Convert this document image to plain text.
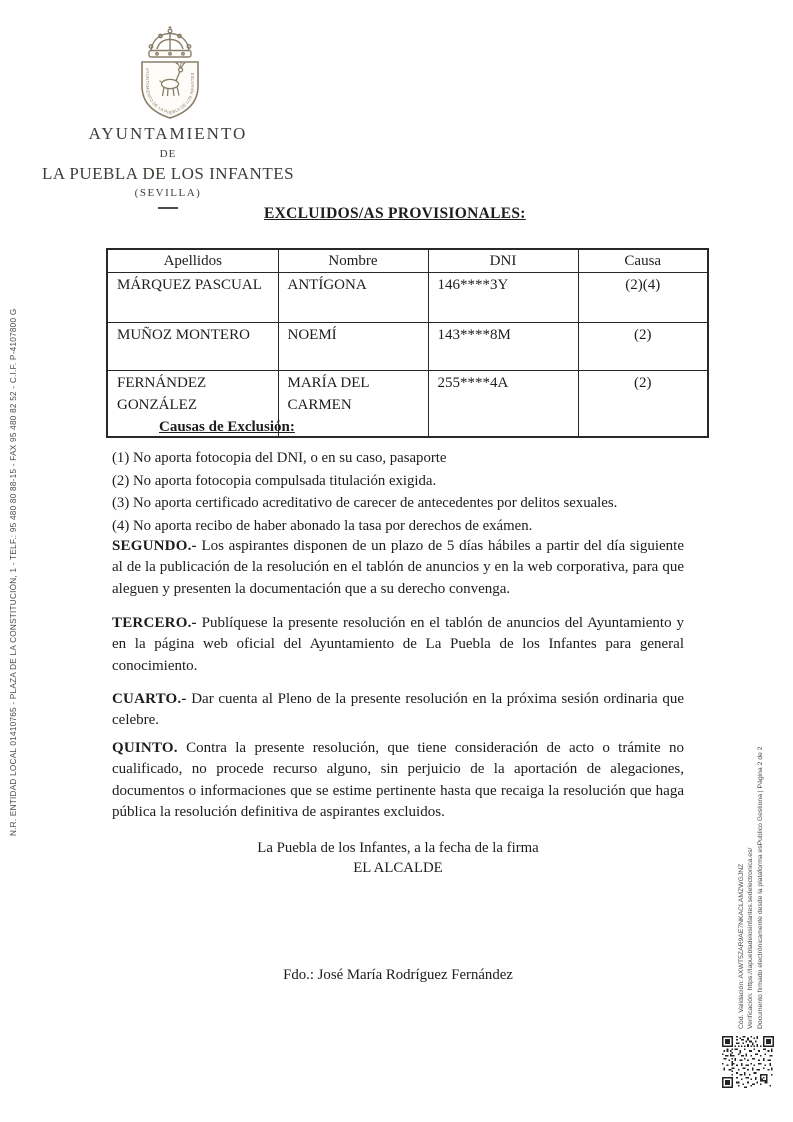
AYUNTAMIENTO DE LA PUEBLA DE LOS INFANTES
AYUNTAMIENTO
DE
LA PUEBLA DE LOS INFANTES
(SEVILLA)
EXCLUIDOS/AS PROVISIONALES:
Apellidos	Nombre	DNI	Causa
MÁRQUEZ PASCUAL	ANTÍGONA	146****3Y	(2)(4)
MUÑOZ MONTERO	NOEMÍ	143****8M	(2)
FERNÁNDEZ GONZÁLEZ	MARÍA DEL CARMEN	255****4A	(2)
Causas de Exclusión:
(1) No aporta fotocopia del DNI, o en su caso, pasaporte
(2) No aporta fotocopia compulsada titulación exigida.
(3) No aporta certificado acreditativo de carecer de antecedentes por delitos sexuales.
(4) No aporta recibo de haber abonado la tasa por derechos de exámen.

SEGUNDO.- Los aspirantes disponen de un plazo de 5 días hábiles a partir del día siguiente al de la publicación de la resolución en el tablón de anuncios y en la web corporativa, para que aleguen y presenten la documentación que a su derecho convenga.

TERCERO.- Publíquese la presente resolución en el tablón de anuncios del Ayuntamiento y en la página web oficial del Ayuntamiento de La Puebla de los Infantes para general conocimiento.

CUARTO.- Dar cuenta al Pleno de la presente resolución en la próxima sesión ordinaria que celebre.

QUINTO. Contra la presente resolución, que tiene consideración de acto o trámite no cualificado, no procede recurso alguno, sin perjuicio de la aportación de alegaciones, documentos o informaciones que se estime pertinente hasta que recaiga la resolución que haga pública la resolución definitiva de aspirantes excluidos.

La Puebla de los Infantes, a la fecha de la firma
EL ALCALDE
Fdo.: José María Rodríguez Fernández
N.R. ENTIDAD LOCAL 01410765 - PLAZA DE LA CONSTITUCIÓN, 1 - TELF.: 95 480 80 88-15 - FAX 95 480 82 52 - C.I.F. P-4107800 G
Cód. Validación: AXWT5ZAR9AE7NKACLAMZWGJNZ Verificación: https://lapuebladelosinfantes.sedelectronica.es/ Documento firmado electrónicamente desde la plataforma esPublico Gestiona | Página 2 de 2
